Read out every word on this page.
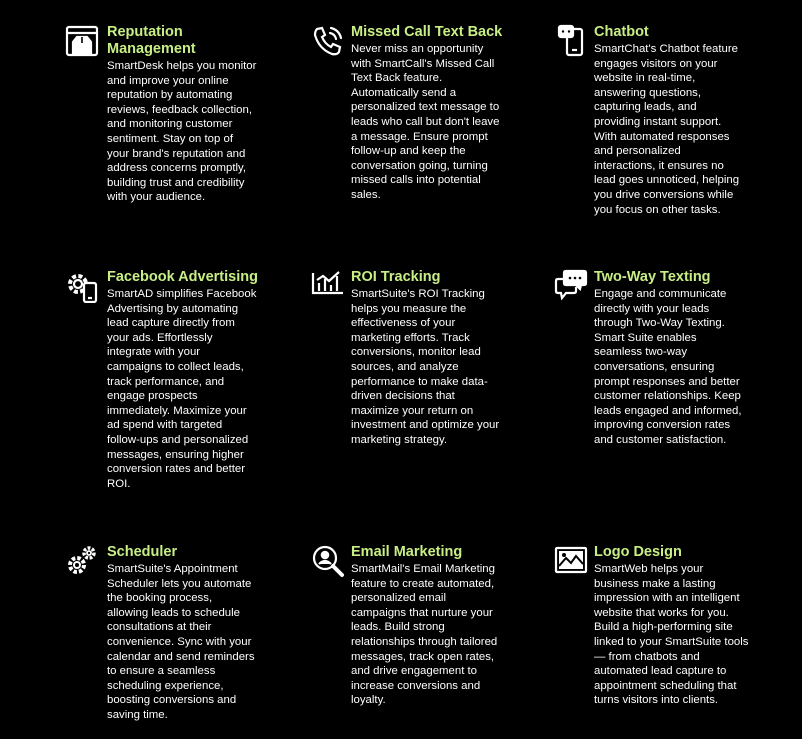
Reputation
Management
SmartDesk helps you monitor
and improve your online
reputation by automating
reviews, feedback collection,
and monitoring customer
sentiment. Stay on top of
your brand's reputation and
address concerns promptly,
building trust and credibility
with your audience.
Missed Call Text Back
Never miss an opportunity
with SmartCall's Missed Call
Text Back feature.
Automatically send a
personalized text message to
leads who call but don't leave
a message. Ensure prompt
follow-up and keep the
conversation going, turning
missed calls into potential
sales.
Chatbot
SmartChat's Chatbot feature
engages visitors on your
website in real-time,
answering questions,
capturing leads, and
providing instant support.
With automated responses
and personalized
interactions, it ensures no
lead goes unnoticed, helping
you drive conversions while
you focus on other tasks.
Facebook Advertising
SmartAD simplifies Facebook
Advertising by automating
lead capture directly from
your ads. Effortlessly
integrate with your
campaigns to collect leads,
track performance, and
engage prospects
immediately. Maximize your
ad spend with targeted
follow-ups and personalized
messages, ensuring higher
conversion rates and better
ROI.
ROI Tracking
SmartSuite's ROI Tracking
helps you measure the
effectiveness of your
marketing efforts. Track
conversions, monitor lead
sources, and analyze
performance to make data-
driven decisions that
maximize your return on
investment and optimize your
marketing strategy.
Two-Way Texting
Engage and communicate
directly with your leads
through Two-Way Texting.
Smart Suite enables
seamless two-way
conversations, ensuring
prompt responses and better
customer relationships. Keep
leads engaged and informed,
improving conversion rates
and customer satisfaction.
Scheduler
SmartSuite's Appointment
Scheduler lets you automate
the booking process,
allowing leads to schedule
consultations at their
convenience. Sync with your
calendar and send reminders
to ensure a seamless
scheduling experience,
boosting conversions and
saving time.
Email Marketing
SmartMail's Email Marketing
feature to create automated,
personalized email
campaigns that nurture your
leads. Build strong
relationships through tailored
messages, track open rates,
and drive engagement to
increase conversions and
loyalty.
Logo Design
SmartWeb helps your
business make a lasting
impression with an intelligent
website that works for you.
Build a high-performing site
linked to your SmartSuite tools
— from chatbots and
automated lead capture to
appointment scheduling that
turns visitors into clients.
